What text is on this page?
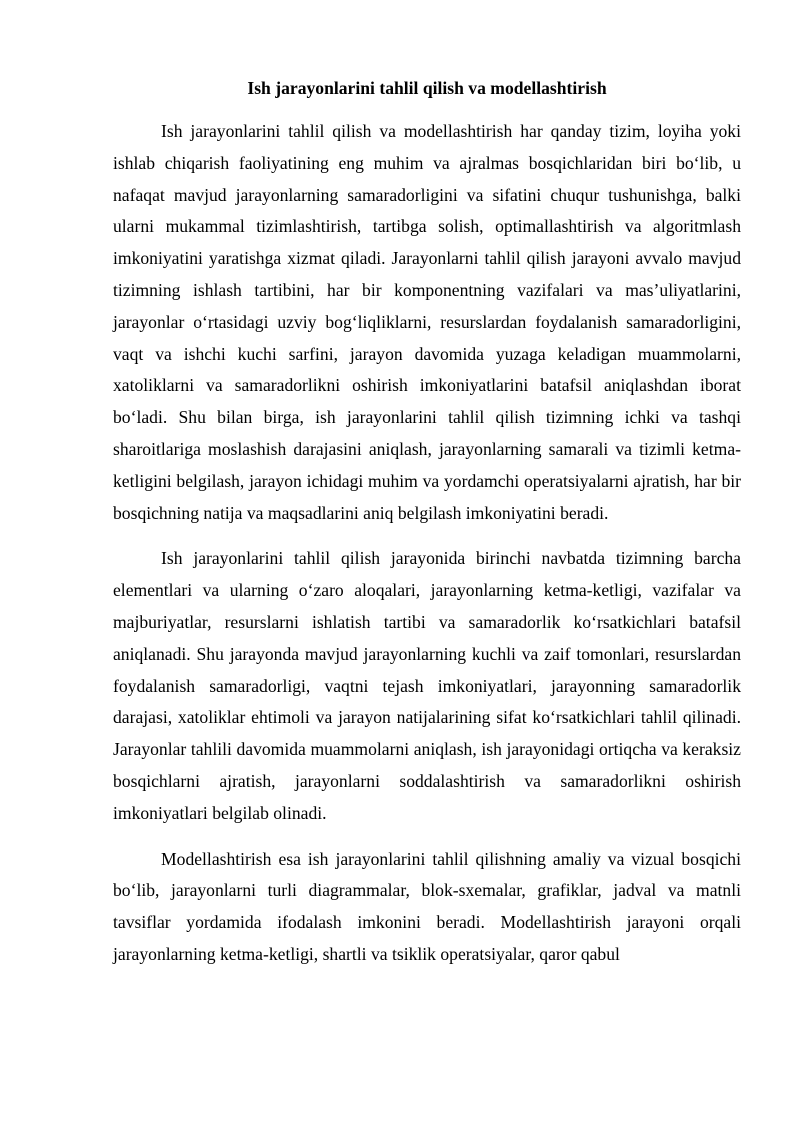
Ish jarayonlarini tahlil qilish va modellashtirish

Ish jarayonlarini tahlil qilish va modellashtirish har qanday tizim, loyiha yoki ishlab chiqarish faoliyatining eng muhim va ajralmas bosqichlaridan biri bo‘lib, u nafaqat mavjud jarayonlarning samaradorligini va sifatini chuqur tushunishga, balki ularni mukammal tizimlashtirish, tartibga solish, optimallashtirish va algoritmlash imkoniyatini yaratishga xizmat qiladi. Jarayonlarni tahlil qilish jarayoni avvalo mavjud tizimning ishlash tartibini, har bir komponentning vazifalari va mas’uliyatlarini, jarayonlar o‘rtasidagi uzviy bog‘liqliklarni, resurslardan foydalanish samaradorligini, vaqt va ishchi kuchi sarfini, jarayon davomida yuzaga keladigan muammolarni, xatoliklarni va samaradorlikni oshirish imkoniyatlarini batafsil aniqlashdan iborat bo‘ladi. Shu bilan birga, ish jarayonlarini tahlil qilish tizimning ichki va tashqi sharoitlariga moslashish darajasini aniqlash, jarayonlarning samarali va tizimli ketma-ketligini belgilash, jarayon ichidagi muhim va yordamchi operatsiyalarni ajratish, har bir bosqichning natija va maqsadlarini aniq belgilash imkoniyatini beradi.

Ish jarayonlarini tahlil qilish jarayonida birinchi navbatda tizimning barcha elementlari va ularning o‘zaro aloqalari, jarayonlarning ketma-ketligi, vazifalar va majburiyatlar, resurslarni ishlatish tartibi va samaradorlik ko‘rsatkichlari batafsil aniqlanadi. Shu jarayonda mavjud jarayonlarning kuchli va zaif tomonlari, resurslardan foydalanish samaradorligi, vaqtni tejash imkoniyatlari, jarayonning samaradorlik darajasi, xatoliklar ehtimoli va jarayon natijalarining sifat ko‘rsatkichlari tahlil qilinadi. Jarayonlar tahlili davomida muammolarni aniqlash, ish jarayonidagi ortiqcha va keraksiz bosqichlarni ajratish, jarayonlarni soddalashtirish va samaradorlikni oshirish imkoniyatlari belgilab olinadi.

Modellashtirish esa ish jarayonlarini tahlil qilishning amaliy va vizual bosqichi bo‘lib, jarayonlarni turli diagrammalar, blok-sxemalar, grafiklar, jadval va matnli tavsiflar yordamida ifodalash imkonini beradi. Modellashtirish jarayoni orqali jarayonlarning ketma-ketligi, shartli va tsiklik operatsiyalar, qaror qabul
